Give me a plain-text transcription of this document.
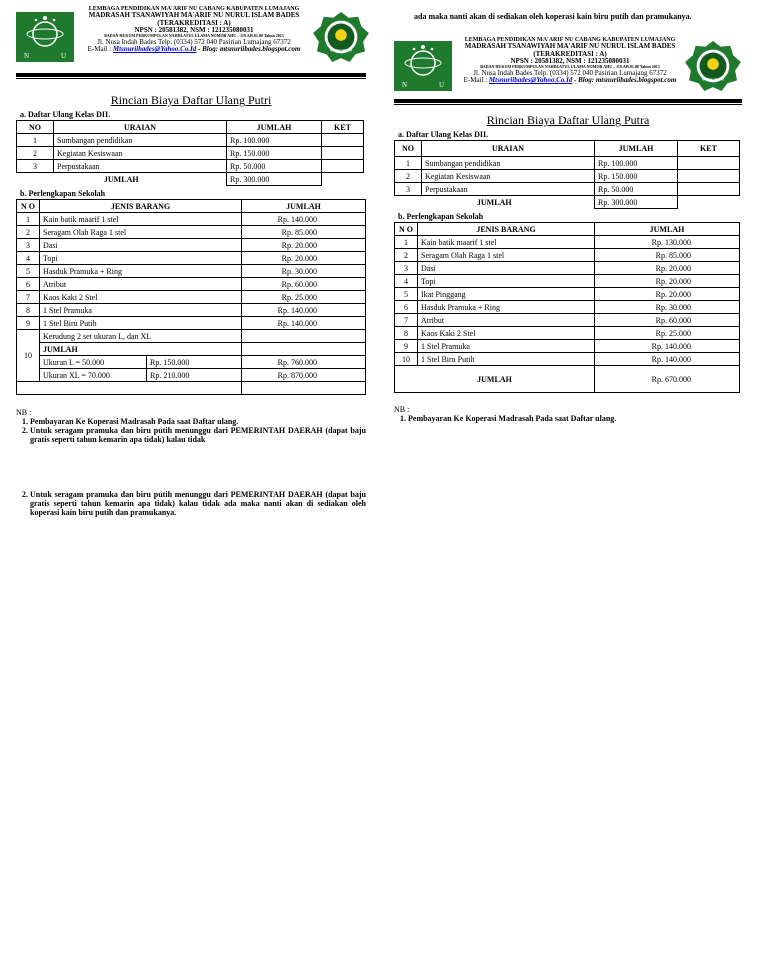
N	U
LEMBAGA PENDIDIKAN MA'ARIF NU CABANG KABUPATEN LUMAJANG
MADRASAH TSANAWIYAH MA'ARIF NU NURUL ISLAM BADES
(TERAKREDITASI : A)
NPSN : 20581382, NSM : 121235080031
BADAN HUKUM PERKUMPULAN NAHDLATUL ULAMA NOMOR AHU – 119.AH.01.08 Tahun 2013
Jl. Nusa Indah Bades Telp. (0334) 572 040 Pasirian Lumajang 67372
E-Mail : Mtsnuriibades@Yahoo.Co.Id - Blog: mtsnuriibades.blogspot.com	NURUL ISLAM
Rincian Biaya Daftar Ulang Putri
a. Daftar Ulang Kelas DII.
NO	URAIAN	JUMLAH	KET
1	Sumbangan pendidikan	Rp. 100.000	
2	Kegiatan Kesiswaan	Rp. 150.000	
3	Perpustakaan	Rp. 50.000	
JUMLAH		Rp. 300.000	
b. Perlengkapan Sekolah
N O	JENIS BARANG		JUMLAH
1	Kain batik maarif 1 stel		Rp. 140.000
2	Seragam Olah Raga 1 stel		Rp. 85.000
3	Dasi		Rp. 20.000
4	Topi		Rp. 20.000
5	Hasduk Pramuka + Ring		Rp. 30.000
6	Atribut		Rp. 60.000
7	Kaos Kaki 2 Stel		Rp. 25.000
8	1 Stel Pramuka		Rp. 140.000
9	1 Stel Biru Putih		Rp. 140.000
10	Kerudung 2 set ukuran L, dan XL		
	JUMLAH		
	Ukuran L = 50.000	Rp. 150.000	Rp. 760.000
	Ukuran XL = 70.000	Rp. 210.000	Rp. 870.000

NB :
1. Pembayaran Ke Koperasi Madrasah Pada saat Daftar ulang.
2. Untuk seragam pramuka dan biru putih menunggu dari PEMERINTAH DAERAH (dapat baju gratis seperti tahun kemarin apa tidak) kalau tidak
2. Untuk seragam pramuka dan biru putih menunggu dari PEMERINTAH DAERAH (dapat baju gratis seperti tahun kemarin apa tidak) kalau tidak ada maka nanti akan di sediakan oleh koperasi kain biru putih dan pramukanya.
ada maka nanti akan di sediakan oleh koperasi kain biru putih dan pramukanya.
N	U
LEMBAGA PENDIDIKAN MA'ARIF NU CABANG KABUPATEN LUMAJANG
MADRASAH TSANAWIYAH MA'ARIF NU NURUL ISLAM BADES
(TERAKREDITASI : A)
NPSN : 20581382, NSM : 121235080031
BADAN HUKUM PERKUMPULAN NAHDLATUL ULAMA NOMOR AHU – 119.AH.01.08 Tahun 2013
Jl. Nusa Indah Bades Telp. (0334) 572 040 Pasirian Lumajang 67372
E-Mail : Mtsnuriibades@Yahoo.Co.Id - Blog: mtsnuriibades.blogspot.com	NURUL ISLAM
Rincian Biaya Daftar Ulang Putra
a. Daftar Ulang Kelas DII.
NO	URAIAN	JUMLAH	KET
1	Sumbangan pendidikan	Rp. 100.000	
2	Kegiatan Kesiswaan	Rp. 150.000	
3	Perpustakaan	Rp. 50.000	
JUMLAH		Rp. 300.000	
b. Perlengkapan Sekolah
N O	JENIS BARANG	JUMLAH
1	Kain batik maarif 1 stel	Rp. 130.000
2	Seragam Olah Raga 1 stel	Rp. 85.000
3	Dasi	Rp. 20.000
4	Topi	Rp. 20.000
5	Ikat Pinggang	Rp. 20.000
6	Hasduk Pramuka + Ring	Rp. 30.000
7	Atribut	Rp. 60.000
8	Kaos Kaki 2 Stel	Rp. 25.000
9	1 Stel Pramuka	Rp. 140.000
10	1 Stel Biru Putih	Rp. 140.000
JUMLAH		Rp. 670.000
NB :
1. Pembayaran Ke Koperasi Madrasah Pada saat Daftar ulang.
